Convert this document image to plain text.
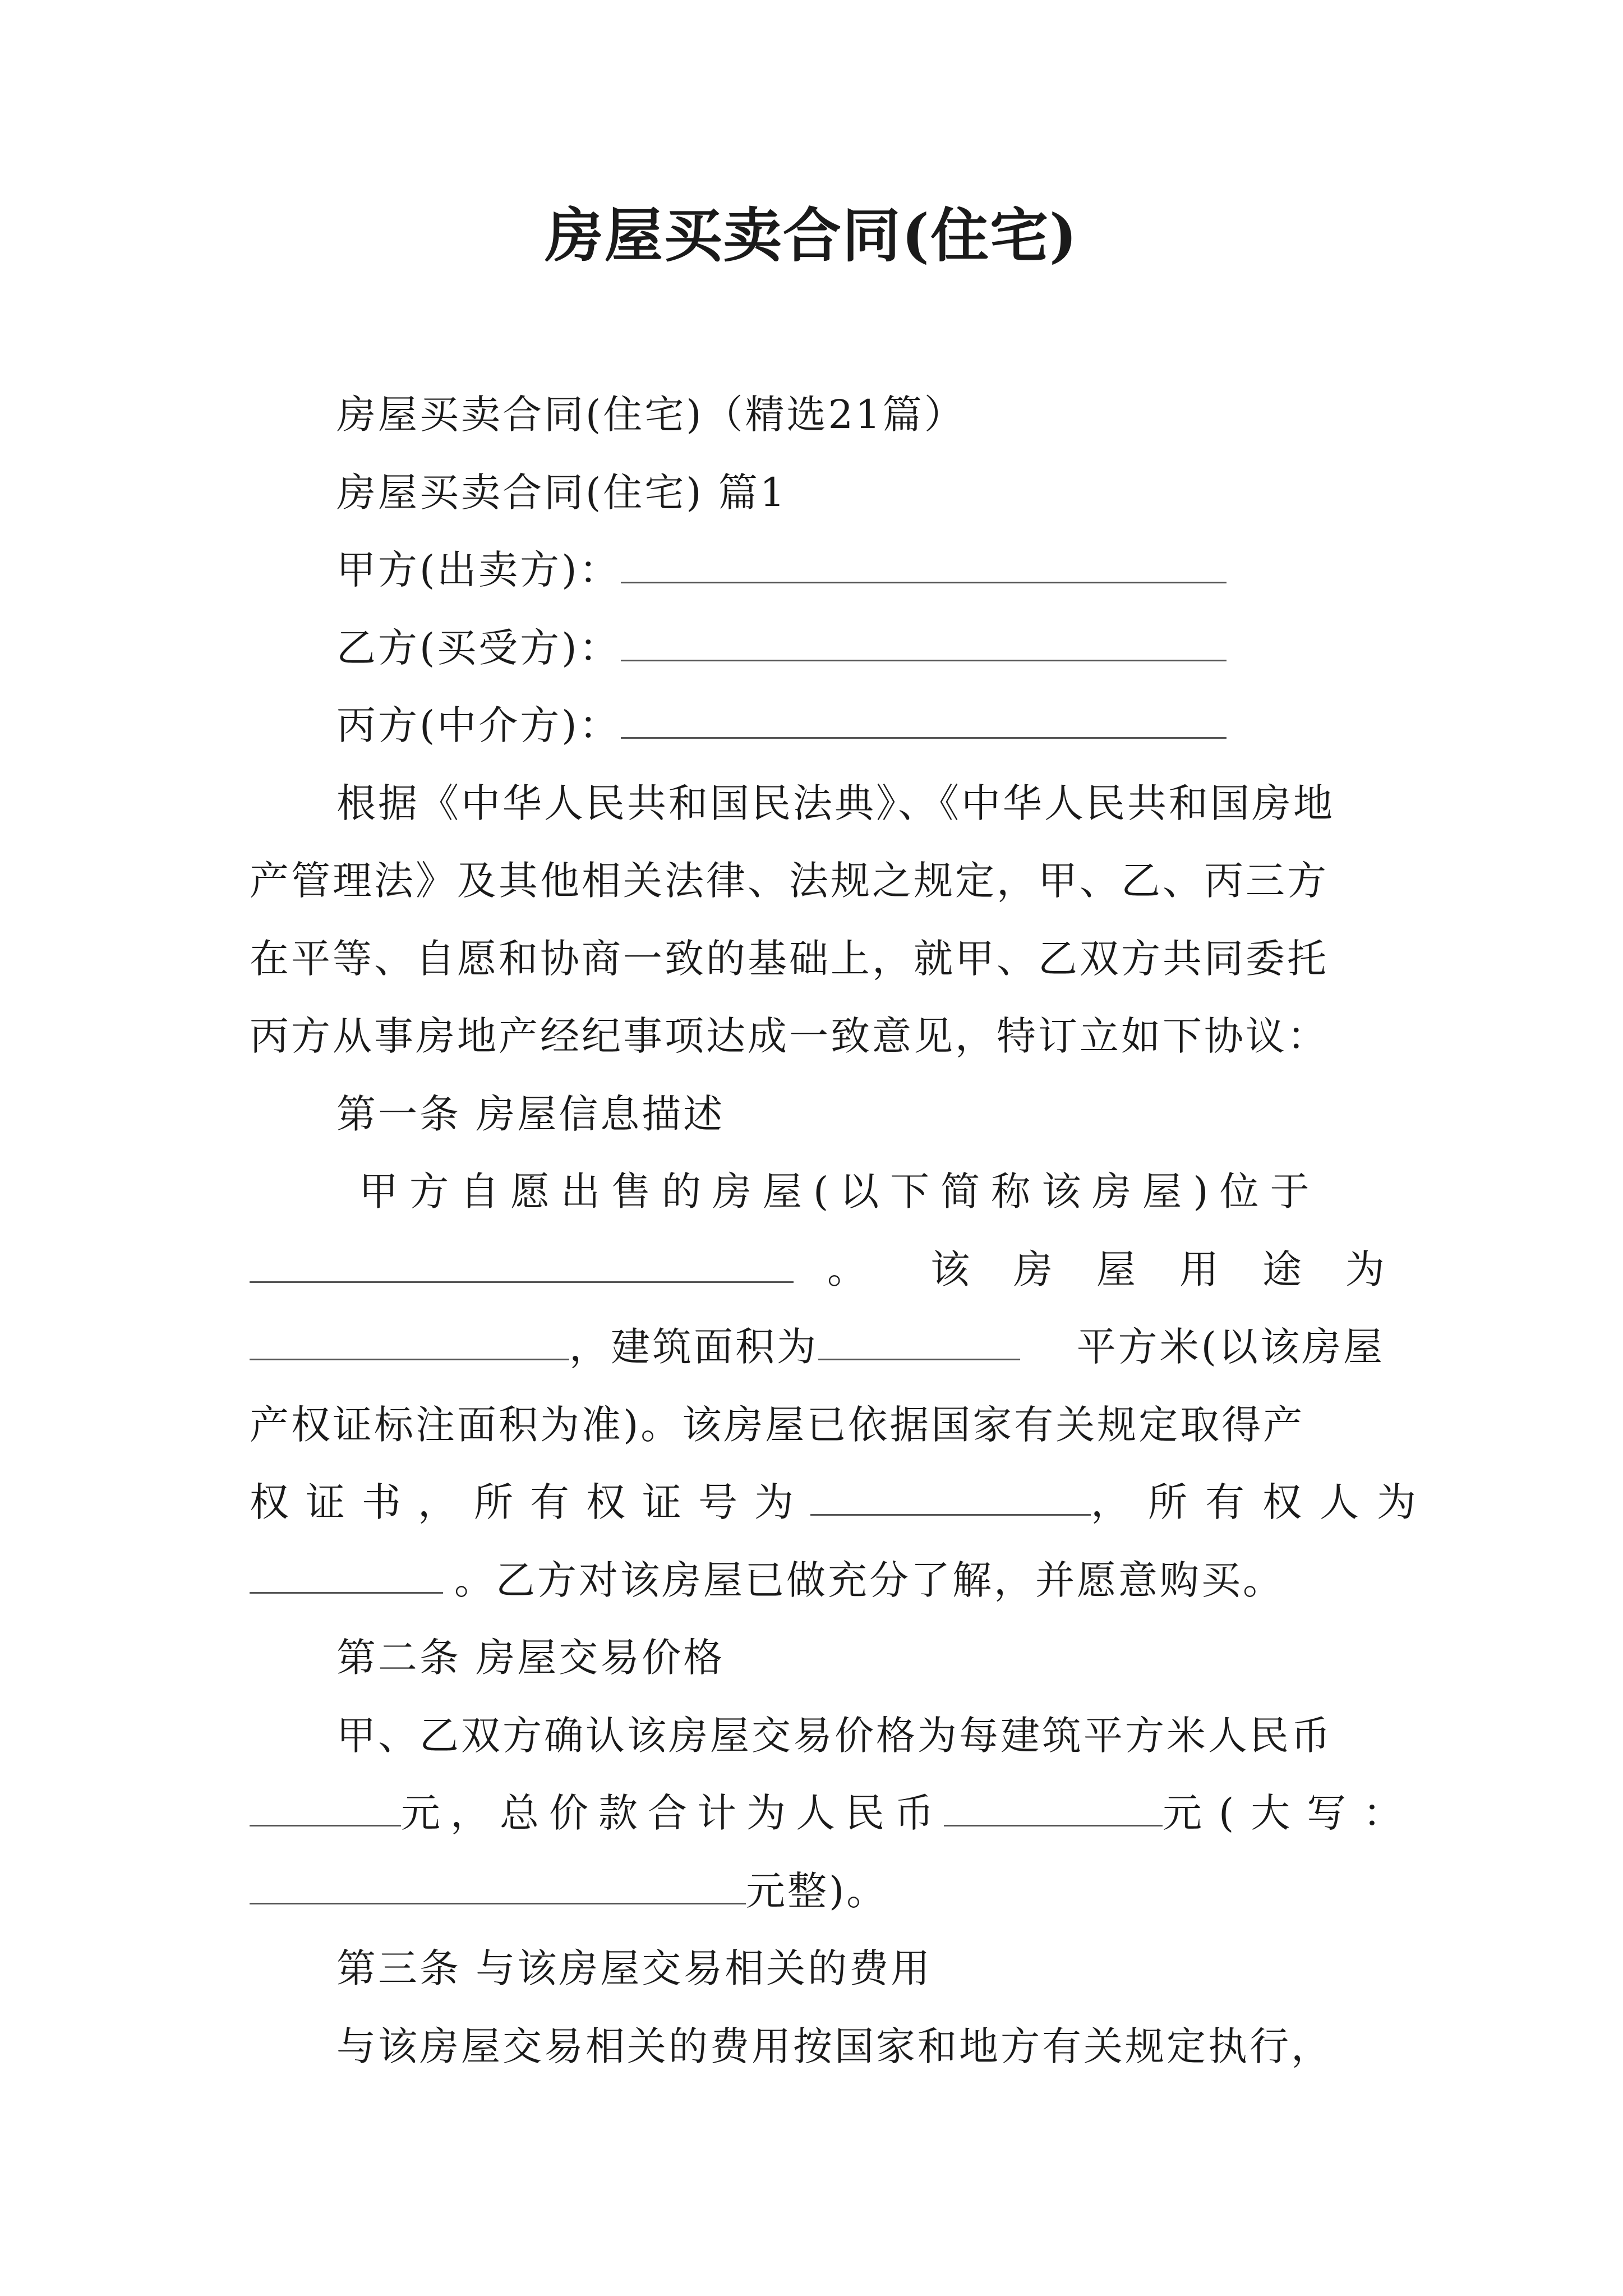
房屋买卖合同(住宅)

房屋买卖合同(住宅)（精选21篇）

房屋买卖合同(住宅) 篇1

甲方(出卖方)：

乙方(买受方)：

丙方(中介方)：

根据《中华人民共和国民法典》、《中华人民共和国房地

产管理法》及其他相关法律、法规之规定，甲、乙、丙三方

在平等、自愿和协商一致的基础上，就甲、乙双方共同委托

丙方从事房地产经纪事项达成一致意见，特订立如下协议：

第一条 房屋信息描述

甲方自愿出售的房屋(以下简称该房屋)位于

。 该房屋用途为

，建筑面积为	平方米(以该房屋

产权证标注面积为准)。该房屋已依据国家有关规定取得产

权证书，所有权证号为	，所有权人为

。乙方对该房屋已做充分了解，并愿意购买。

第二条 房屋交易价格

甲、乙双方确认该房屋交易价格为每建筑平方米人民币

元，总价款合计为人民币	元(大写：

元整)。

第三条 与该房屋交易相关的费用

与该房屋交易相关的费用按国家和地方有关规定执行，
